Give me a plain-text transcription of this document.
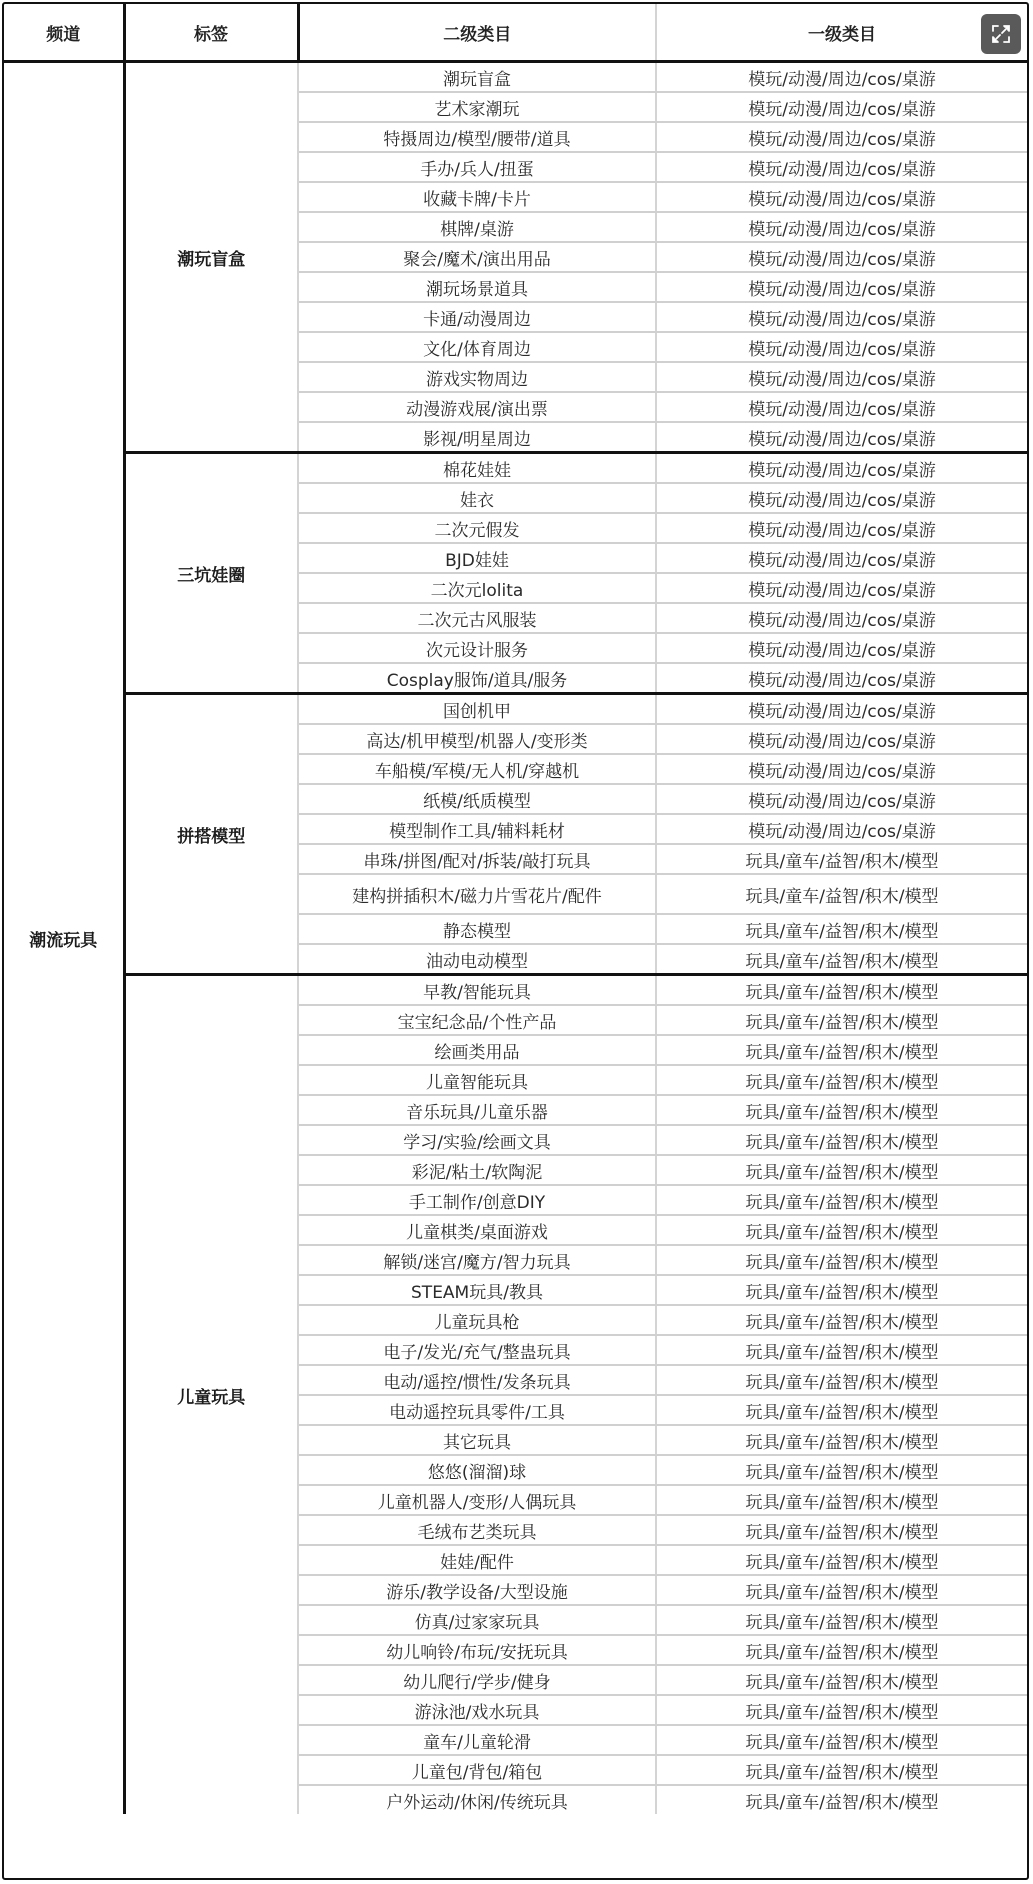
频道	标签	二级类目	一级类目
潮流玩具	潮玩盲盒	潮玩盲盒	模玩/动漫/周边/cos/桌游
		艺术家潮玩	模玩/动漫/周边/cos/桌游
		特摄周边/模型/腰带/道具	模玩/动漫/周边/cos/桌游
		手办/兵人/扭蛋	模玩/动漫/周边/cos/桌游
		收藏卡牌/卡片	模玩/动漫/周边/cos/桌游
		棋牌/桌游	模玩/动漫/周边/cos/桌游
		聚会/魔术/演出用品	模玩/动漫/周边/cos/桌游
		潮玩场景道具	模玩/动漫/周边/cos/桌游
		卡通/动漫周边	模玩/动漫/周边/cos/桌游
		文化/体育周边	模玩/动漫/周边/cos/桌游
		游戏实物周边	模玩/动漫/周边/cos/桌游
		动漫游戏展/演出票	模玩/动漫/周边/cos/桌游
		影视/明星周边	模玩/动漫/周边/cos/桌游
	三坑娃圈	棉花娃娃	模玩/动漫/周边/cos/桌游
		娃衣	模玩/动漫/周边/cos/桌游
		二次元假发	模玩/动漫/周边/cos/桌游
		BJD娃娃	模玩/动漫/周边/cos/桌游
		二次元lolita	模玩/动漫/周边/cos/桌游
		二次元古风服装	模玩/动漫/周边/cos/桌游
		次元设计服务	模玩/动漫/周边/cos/桌游
		Cosplay服饰/道具/服务	模玩/动漫/周边/cos/桌游
	拼搭模型	国创机甲	模玩/动漫/周边/cos/桌游
		高达/机甲模型/机器人/变形类	模玩/动漫/周边/cos/桌游
		车船模/军模/无人机/穿越机	模玩/动漫/周边/cos/桌游
		纸模/纸质模型	模玩/动漫/周边/cos/桌游
		模型制作工具/辅料耗材	模玩/动漫/周边/cos/桌游
		串珠/拼图/配对/拆装/敲打玩具	玩具/童车/益智/积木/模型
		建构拼插积木/磁力片雪花片/配件	玩具/童车/益智/积木/模型
		静态模型	玩具/童车/益智/积木/模型
		油动电动模型	玩具/童车/益智/积木/模型
	儿童玩具	早教/智能玩具	玩具/童车/益智/积木/模型
		宝宝纪念品/个性产品	玩具/童车/益智/积木/模型
		绘画类用品	玩具/童车/益智/积木/模型
		儿童智能玩具	玩具/童车/益智/积木/模型
		音乐玩具/儿童乐器	玩具/童车/益智/积木/模型
		学习/实验/绘画文具	玩具/童车/益智/积木/模型
		彩泥/粘土/软陶泥	玩具/童车/益智/积木/模型
		手工制作/创意DIY	玩具/童车/益智/积木/模型
		儿童棋类/桌面游戏	玩具/童车/益智/积木/模型
		解锁/迷宫/魔方/智力玩具	玩具/童车/益智/积木/模型
		STEAM玩具/教具	玩具/童车/益智/积木/模型
		儿童玩具枪	玩具/童车/益智/积木/模型
		电子/发光/充气/整蛊玩具	玩具/童车/益智/积木/模型
		电动/遥控/惯性/发条玩具	玩具/童车/益智/积木/模型
		电动遥控玩具零件/工具	玩具/童车/益智/积木/模型
		其它玩具	玩具/童车/益智/积木/模型
		悠悠(溜溜)球	玩具/童车/益智/积木/模型
		儿童机器人/变形/人偶玩具	玩具/童车/益智/积木/模型
		毛绒布艺类玩具	玩具/童车/益智/积木/模型
		娃娃/配件	玩具/童车/益智/积木/模型
		游乐/教学设备/大型设施	玩具/童车/益智/积木/模型
		仿真/过家家玩具	玩具/童车/益智/积木/模型
		幼儿响铃/布玩/安抚玩具	玩具/童车/益智/积木/模型
		幼儿爬行/学步/健身	玩具/童车/益智/积木/模型
		游泳池/戏水玩具	玩具/童车/益智/积木/模型
		童车/儿童轮滑	玩具/童车/益智/积木/模型
		儿童包/背包/箱包	玩具/童车/益智/积木/模型
		户外运动/休闲/传统玩具	玩具/童车/益智/积木/模型
